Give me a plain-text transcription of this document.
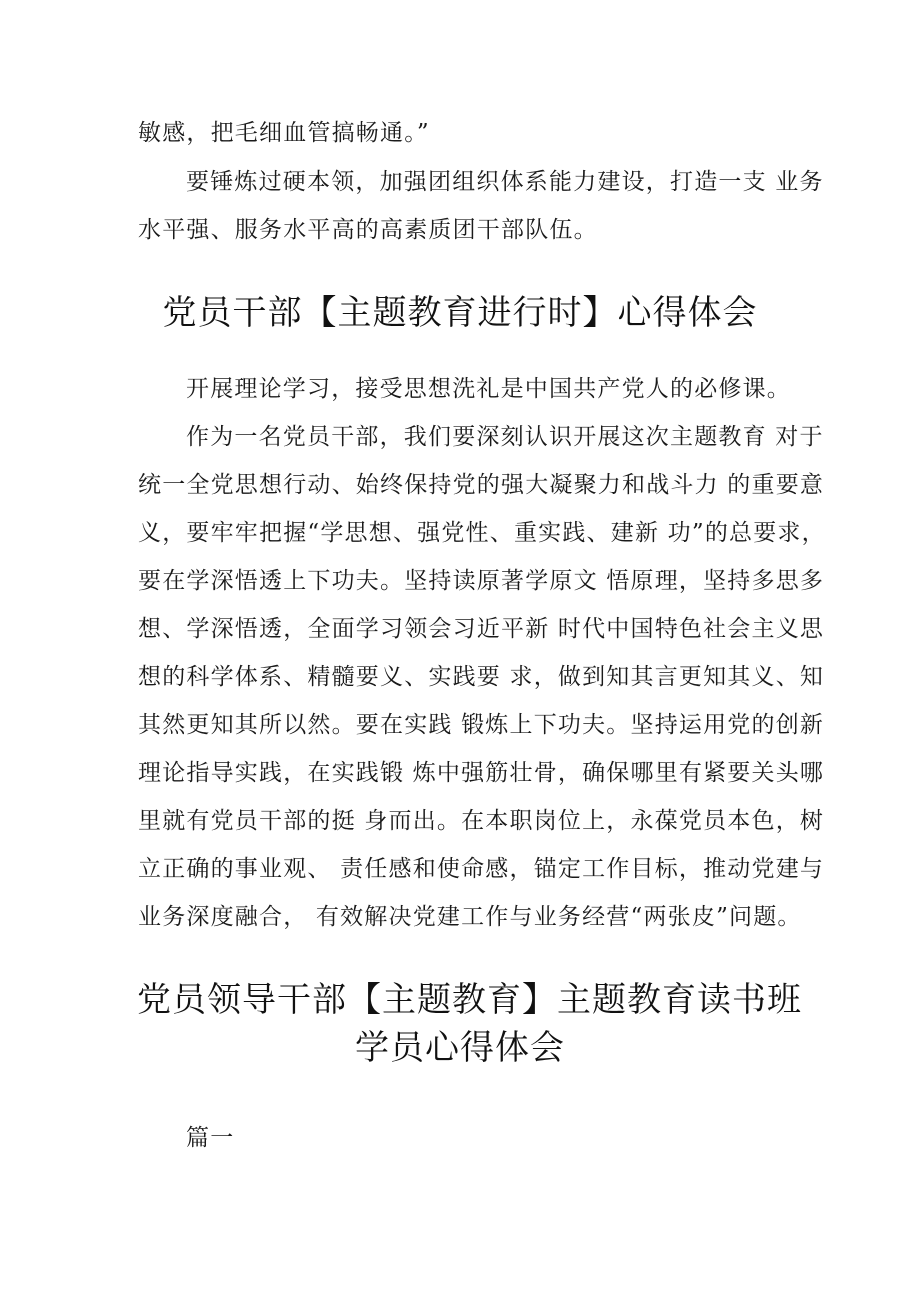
敏感，把毛细血管搞畅通。”
要锤炼过硬本领，加强团组织体系能力建设，打造一支 业务
水平强、服务水平高的高素质团干部队伍。
党员干部【主题教育进行时】心得体会
开展理论学习，接受思想洗礼是中国共产党人的必修课。
作为一名党员干部，我们要深刻认识开展这次主题教育 对于
统一全党思想行动、始终保持党的强大凝聚力和战斗力 的重要意
义，要牢牢把握“学思想、强党性、重实践、建新 功”的总要求，
要在学深悟透上下功夫。坚持读原著学原文 悟原理，坚持多思多
想、学深悟透，全面学习领会习近平新 时代中国特色社会主义思
想的科学体系、精髓要义、实践要 求，做到知其言更知其义、知
其然更知其所以然。要在实践 锻炼上下功夫。坚持运用党的创新
理论指导实践，在实践锻 炼中强筋壮骨，确保哪里有紧要关头哪
里就有党员干部的挺 身而出。在本职岗位上，永葆党员本色，树
立正确的事业观、 责任感和使命感，锚定工作目标，推动党建与
业务深度融合， 有效解决党建工作与业务经营“两张皮”问题。
党员领导干部【主题教育】主题教育读书班
学员心得体会
篇一
